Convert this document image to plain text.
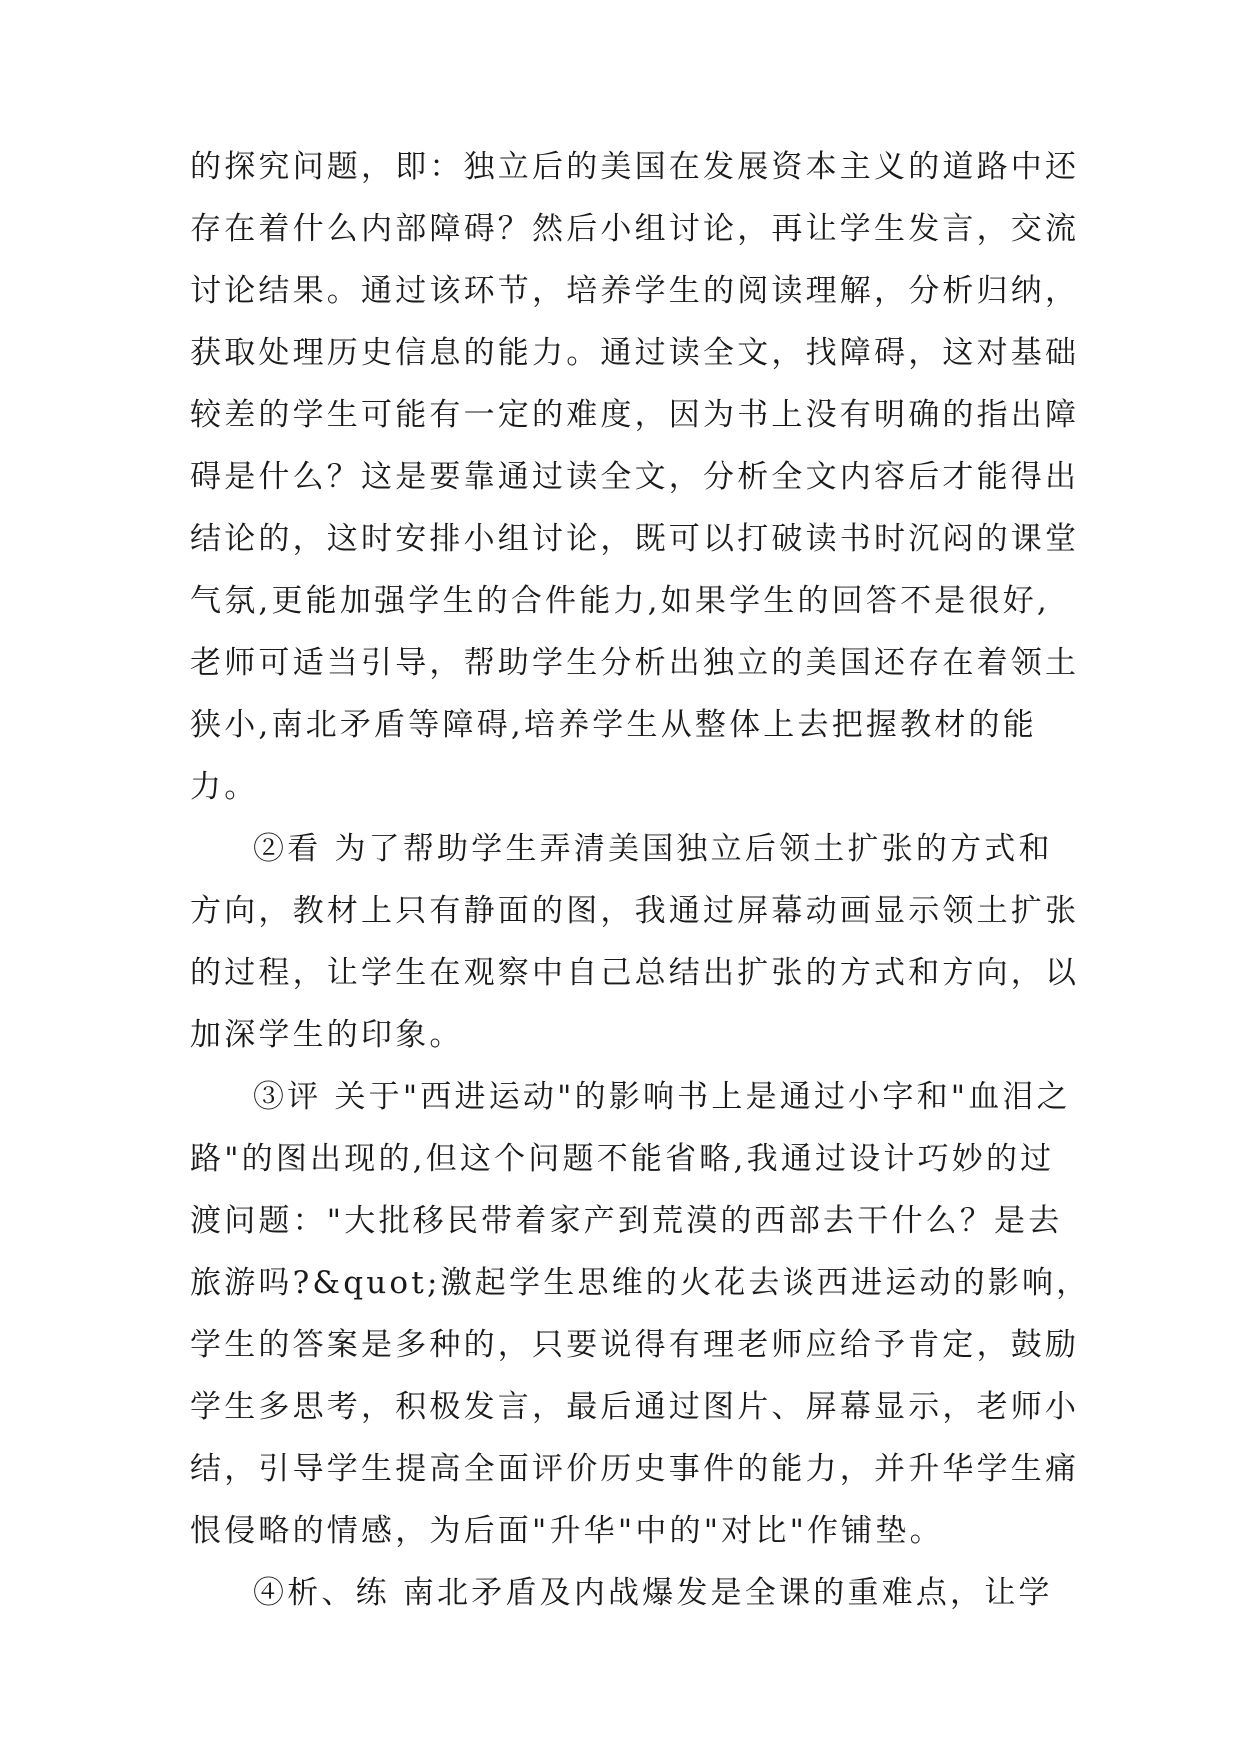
的探究问题，即：独立后的美国在发展资本主义的道路中还
存在着什么内部障碍？然后小组讨论，再让学生发言，交流
讨论结果。通过该环节，培养学生的阅读理解，分析归纳，
获取处理历史信息的能力。通过读全文，找障碍，这对基础
较差的学生可能有一定的难度，因为书上没有明确的指出障
碍是什么？这是要靠通过读全文，分析全文内容后才能得出
结论的，这时安排小组讨论，既可以打破读书时沉闷的课堂
气氛,更能加强学生的合件能力,如果学生的回答不是很好,
老师可适当引导，帮助学生分析出独立的美国还存在着领土
狭小,南北矛盾等障碍,培养学生从整体上去把握教材的能
力。
②看 为了帮助学生弄清美国独立后领土扩张的方式和
方向，教材上只有静面的图，我通过屏幕动画显示领土扩张
的过程，让学生在观察中自己总结出扩张的方式和方向，以
加深学生的印象。
③评 关于"西进运动"的影响书上是通过小字和"血泪之
路"的图出现的,但这个问题不能省略,我通过设计巧妙的过
渡问题："大批移民带着家产到荒漠的西部去干什么？是去
旅游吗?&quot;激起学生思维的火花去谈西进运动的影响，
学生的答案是多种的，只要说得有理老师应给予肯定，鼓励
学生多思考，积极发言，最后通过图片、屏幕显示，老师小
结，引导学生提高全面评价历史事件的能力，并升华学生痛
恨侵略的情感，为后面"升华"中的"对比"作铺垫。
④析、练 南北矛盾及内战爆发是全课的重难点，让学
